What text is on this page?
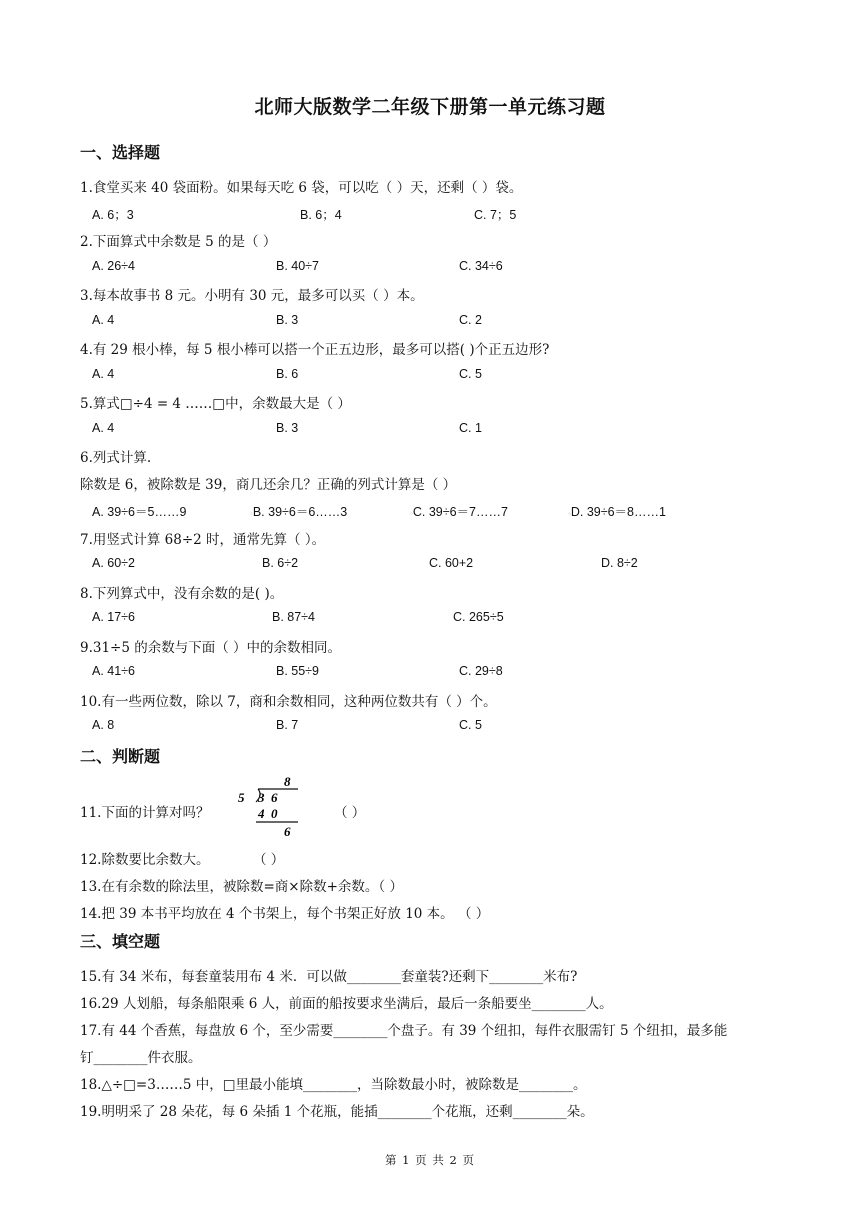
北师大版数学二年级下册第一单元练习题
一、选择题
1.食堂买来 40 袋面粉。如果每天吃 6 袋，可以吃（ ）天，还剩（ ）袋。
A. 6；3	B. 6；4	C. 7；5
2.下面算式中余数是 5 的是（ ）
A. 26÷4	B. 40÷7	C. 34÷6
3.每本故事书 8 元。小明有 30 元，最多可以买（ ）本。
A. 4	B. 3	C. 2
4.有 29 根小棒，每 5 根小棒可以搭一个正五边形，最多可以搭( )个正五边形?
A. 4	B. 6	C. 5
5.算式□÷4 = 4 ……□中，余数最大是（ ）
A. 4	B. 3	C. 1
6.列式计算.
除数是 6，被除数是 39，商几还余几？正确的列式计算是（ ）
A. 39÷6＝5……9	◦B. 39÷6＝6……3	◦C. 39÷6＝7……7	◦D. 39÷6＝8……1
7.用竖式计算 68÷2 时，通常先算（ ）。
A. 60÷2	B. 6÷2	C. 60+2	D. 8÷2
8.下列算式中，没有余数的是( )。
A. 17÷6	B. 87÷4	C. 265÷5
9.31÷5 的余数与下面（ ）中的余数相同。
A. 41÷6	B. 55÷9	C. 29÷8
10.有一些两位数，除以 7，商和余数相同，这种两位数共有（ ）个。
A. 8	B. 7	C. 5
二、判断题
11.下面的计算对吗？
8
5 3  6
4  0
6
（ ）
12.除数要比余数大。	（ ）
13.在有余数的除法里，被除数=商×除数+余数。（ ）
14.把 39 本书平均放在 4 个书架上，每个书架正好放 10 本。 （ ）
三、填空题
15.有 34 米布，每套童装用布 4 米．可以做________套童装?还剩下________米布?
16.29 人划船，每条船限乘 6 人，前面的船按要求坐满后，最后一条船要坐________人。
17.有 44 个香蕉，每盘放 6 个，至少需要________个盘子。有 39 个纽扣，每件衣服需钉 5 个纽扣，最多能
钉________件衣服。
18.△÷□=3……5 中，□里最小能填________，当除数最小时，被除数是________。
19.明明采了 28 朵花，每 6 朵插 1 个花瓶，能插________个花瓶，还剩________朵。
第 1 页 共 2 页
